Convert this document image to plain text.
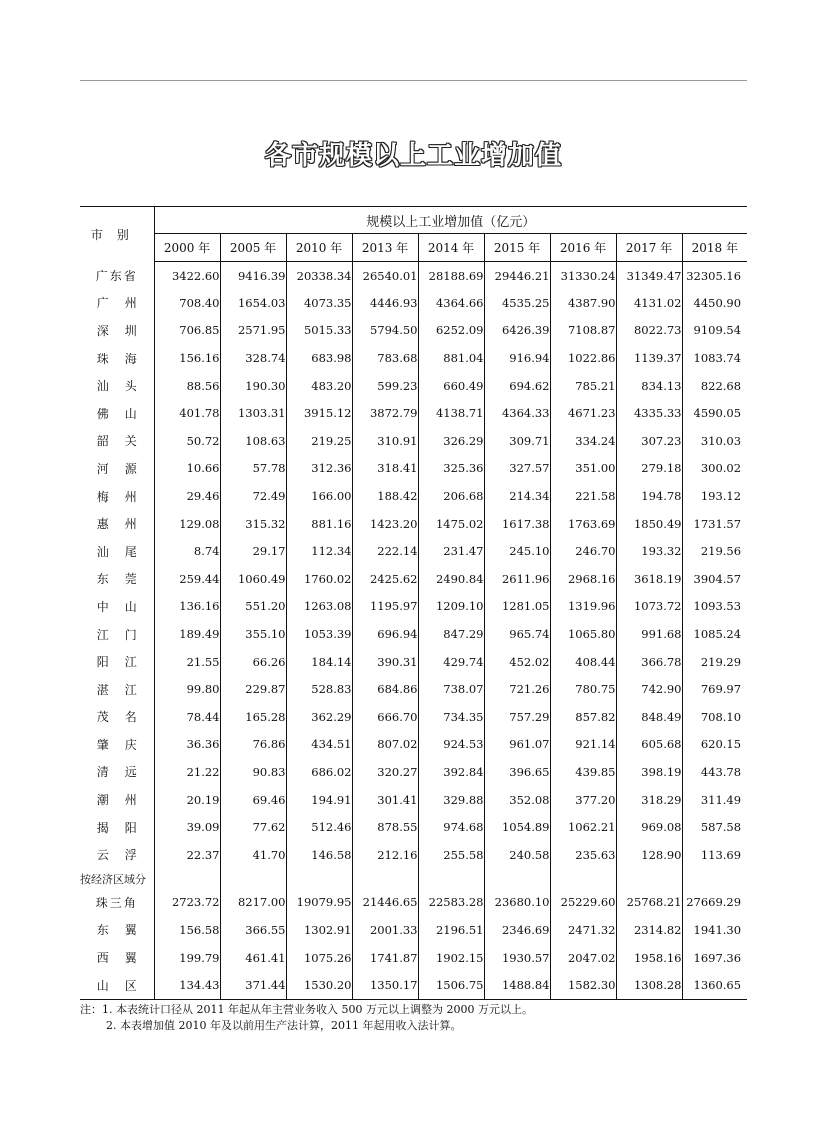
各市规模以上工业增加值
市别	规模以上工业增加值（亿元）								
	2000 年	2005 年	2010 年	2013 年	2014 年	2015 年	2016 年	2017 年	2018 年
广东省	3422.60	9416.39	20338.34	26540.01	28188.69	29446.21	31330.24	31349.47	32305.16
广州	708.40	1654.03	4073.35	4446.93	4364.66	4535.25	4387.90	4131.02	4450.90
深圳	706.85	2571.95	5015.33	5794.50	6252.09	6426.39	7108.87	8022.73	9109.54
珠海	156.16	328.74	683.98	783.68	881.04	916.94	1022.86	1139.37	1083.74
汕头	88.56	190.30	483.20	599.23	660.49	694.62	785.21	834.13	822.68
佛山	401.78	1303.31	3915.12	3872.79	4138.71	4364.33	4671.23	4335.33	4590.05
韶关	50.72	108.63	219.25	310.91	326.29	309.71	334.24	307.23	310.03
河源	10.66	57.78	312.36	318.41	325.36	327.57	351.00	279.18	300.02
梅州	29.46	72.49	166.00	188.42	206.68	214.34	221.58	194.78	193.12
惠州	129.08	315.32	881.16	1423.20	1475.02	1617.38	1763.69	1850.49	1731.57
汕尾	8.74	29.17	112.34	222.14	231.47	245.10	246.70	193.32	219.56
东莞	259.44	1060.49	1760.02	2425.62	2490.84	2611.96	2968.16	3618.19	3904.57
中山	136.16	551.20	1263.08	1195.97	1209.10	1281.05	1319.96	1073.72	1093.53
江门	189.49	355.10	1053.39	696.94	847.29	965.74	1065.80	991.68	1085.24
阳江	21.55	66.26	184.14	390.31	429.74	452.02	408.44	366.78	219.29
湛江	99.80	229.87	528.83	684.86	738.07	721.26	780.75	742.90	769.97
茂名	78.44	165.28	362.29	666.70	734.35	757.29	857.82	848.49	708.10
肇庆	36.36	76.86	434.51	807.02	924.53	961.07	921.14	605.68	620.15
清远	21.22	90.83	686.02	320.27	392.84	396.65	439.85	398.19	443.78
潮州	20.19	69.46	194.91	301.41	329.88	352.08	377.20	318.29	311.49
揭阳	39.09	77.62	512.46	878.55	974.68	1054.89	1062.21	969.08	587.58
云浮	22.37	41.70	146.58	212.16	255.58	240.58	235.63	128.90	113.69
按经济区域分									
珠三角	2723.72	8217.00	19079.95	21446.65	22583.28	23680.10	25229.60	25768.21	27669.29
东翼	156.58	366.55	1302.91	2001.33	2196.51	2346.69	2471.32	2314.82	1941.30
西翼	199.79	461.41	1075.26	1741.87	1902.15	1930.57	2047.02	1958.16	1697.36
山区	134.43	371.44	1530.20	1350.17	1506.75	1488.84	1582.30	1308.28	1360.65
注：1. 本表统计口径从 2011 年起从年主营业务收入 500 万元以上调整为 2000 万元以上。
2. 本表增加值 2010 年及以前用生产法计算，2011 年起用收入法计算。
